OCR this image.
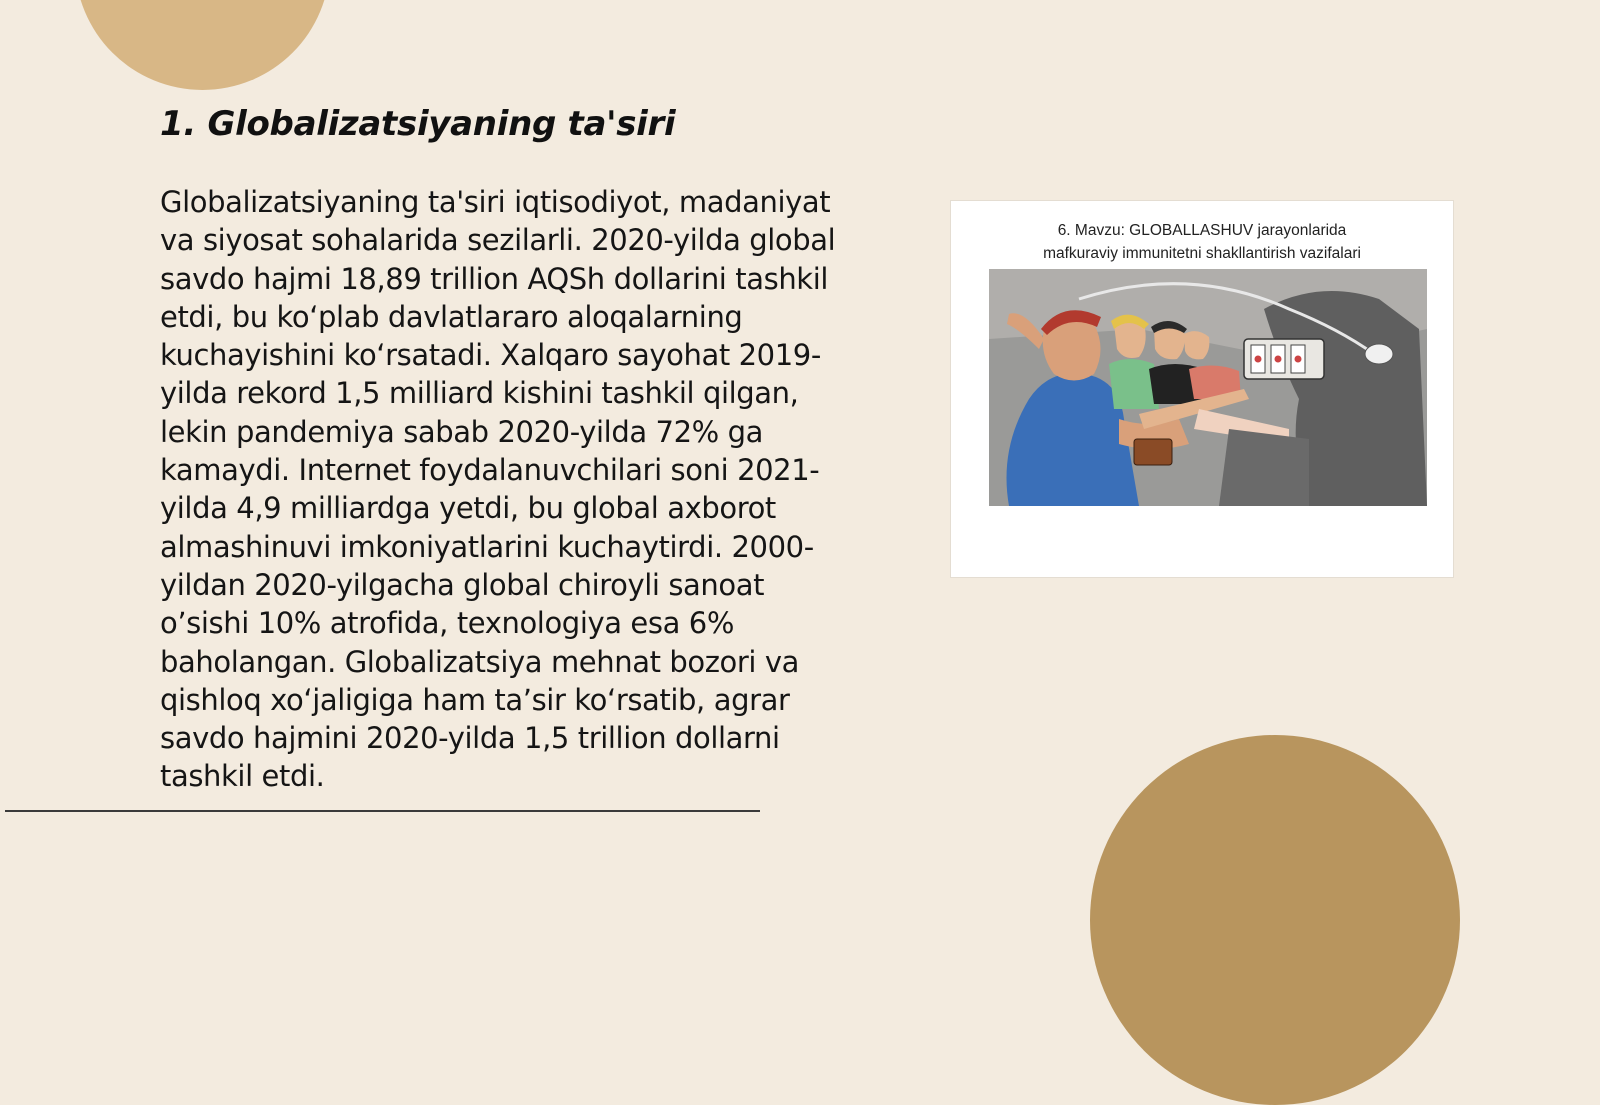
1. Globalizatsiyaning ta'siri

Globalizatsiyaning ta'siri iqtisodiyot, madaniyat va siyosat sohalarida sezilarli. 2020-yilda global savdo hajmi 18,89 trillion AQSh dollarini tashkil etdi, bu ko‘plab davlatlararo aloqalarning kuchayishini ko‘rsatadi. Xalqaro sayohat 2019-yilda rekord 1,5 milliard kishini tashkil qilgan, lekin pandemiya sabab 2020-yilda 72% ga kamaydi. Internet foydalanuvchilari soni 2021-yilda 4,9 milliardga yetdi, bu global axborot almashinuvi imkoniyatlarini kuchaytirdi. 2000-yildan 2020-yilgacha global chiroyli sanoat o’sishi 10% atrofida, texnologiya esa 6% baholangan. Globalizatsiya mehnat bozori va qishloq xo‘jaligiga ham ta’sir ko‘rsatib, agrar savdo hajmini 2020-yilda 1,5 trillion dollarni tashkil etdi.

6. Mavzu: GLOBALLASHUV jarayonlarida
mafkuraviy immunitetni shakllantirish vazifalari
